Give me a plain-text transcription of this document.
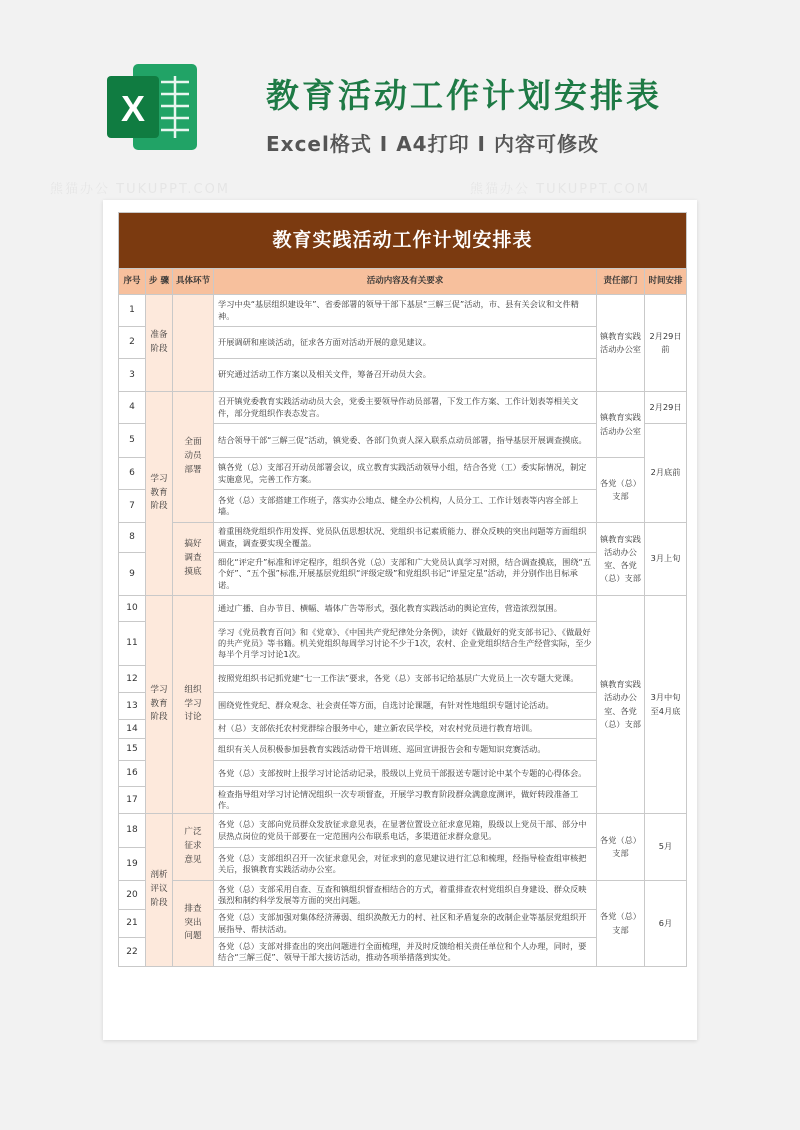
X	教育活动工作计划安排表
Excel格式 Ⅰ A4打印 Ⅰ 内容可修改
熊猫办公 TUKUPPT.COM	熊猫办公 TUKUPPT.COM
教育实践活动工作计划安排表					
序号	步 骤	具体环节	活动内容及有关要求	责任部门	时间安排
1	准备阶段		学习中央“基层组织建设年”、省委部署的领导干部下基层“三解三促”活动，市、县有关会议和文件精神。	镇教育实践活动办公室	2月29日前
2			开展调研和座谈活动，征求各方面对活动开展的意见建议。		
3			研究通过活动工作方案以及相关文件，筹备召开动员大会。		
4	学习教育阶段	全面动员部署	召开镇党委教育实践活动动员大会，党委主要领导作动员部署，下发工作方案、工作计划表等相关文件，部分党组织作表态发言。	镇教育实践活动办公室	2月29日
5			结合领导干部“三解三促”活动，镇党委、各部门负责人深入联系点动员部署，指导基层开展调查摸底。		2月底前
6			镇各党（总）支部召开动员部署会议，成立教育实践活动领导小组，结合各党（工）委实际情况，制定实施意见，完善工作方案。	各党（总）支部	
7			各党（总）支部搭建工作班子，落实办公地点、健全办公机构，人员分工、工作计划表等内容全部上墙。		
8		搞好调查摸底	着重围绕党组织作用发挥、党员队伍思想状况、党组织书记素质能力、群众反映的突出问题等方面组织调查，调查要实现全覆盖。	镇教育实践活动办公室、各党（总）支部	3月上旬
9			细化“评定升”标准和评定程序，组织各党（总）支部和广大党员认真学习对照，结合调查摸底，围绕“五个好”、“五个强”标准,开展基层党组织“评级定级”和党组织书记“评星定星”活动，并分别作出目标承诺。		
10	学习教育阶段	组织学习讨论	通过广播、自办节目、横幅、墙体广告等形式，强化教育实践活动的舆论宣传，营造浓烈氛围。	镇教育实践活动办公室、各党（总）支部	3月中旬至4月底
11			学习《党员教育百问》和《党章》、《中国共产党纪律处分条例》，读好《做最好的党支部书记》、《做最好的共产党员》等书籍。机关党组织每周学习讨论不少于1次，农村、企业党组织结合生产经营实际，至少每半个月学习讨论1次。		
12			按照党组织书记抓党建“七一工作法”要求，各党（总）支部书记给基层广大党员上一次专题大党课。		
13			围绕党性党纪、群众观念、社会责任等方面，自选讨论课题，有针对性地组织专题讨论活动。		
14			村（总）支部依托农村党群综合服务中心，建立新农民学校，对农村党员进行教育培训。		
15			组织有关人员积极参加县教育实践活动骨干培训班、巡回宣讲报告会和专题知识竞赛活动。		
16			各党（总）支部按时上报学习讨论活动记录，股级以上党员干部报送专题讨论中某个专题的心得体会。		
17			检查指导组对学习讨论情况组织一次专项督查，开展学习教育阶段群众满意度测评，做好转段准备工作。		
18	剖析评议阶段	广泛征求意见	各党（总）支部向党员群众发放征求意见表，在显著位置设立征求意见箱，股级以上党员干部、部分中层热点岗位的党员干部要在一定范围内公布联系电话，多渠道征求群众意见。	各党（总）支部	5月
19			各党（总）支部组织召开一次征求意见会，对征求到的意见建议进行汇总和梳理，经指导检查组审核把关后，报镇教育实践活动办公室。		
20		排查突出问题	各党（总）支部采用自查、互查和镇组织督查相结合的方式，着重排查农村党组织自身建设、群众反映强烈和制约科学发展等方面的突出问题。	各党（总）支部	6月
21			各党（总）支部加强对集体经济薄弱、组织涣散无力的村、社区和矛盾复杂的改制企业等基层党组织开展指导、帮扶活动。		
22			各党（总）支部对排查出的突出问题进行全面梳理，并及时反馈给相关责任单位和个人办理，同时，要结合“三解三促”、领导干部大接访活动，推动各项举措落到实处。		
